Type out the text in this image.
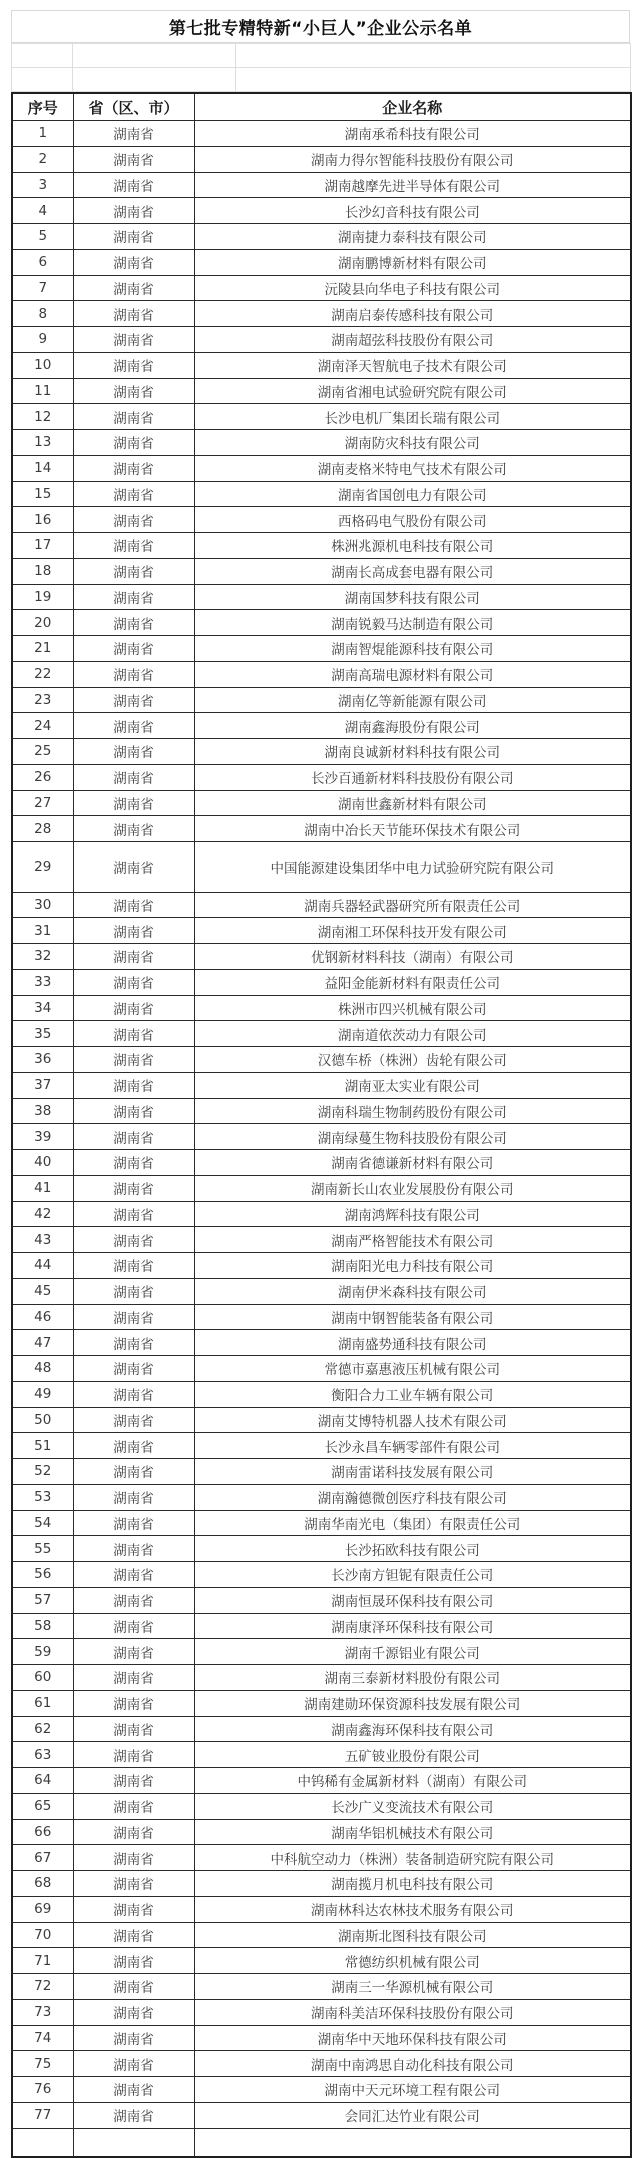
第七批专精特新“小巨人”企业公示名单

序号	省（区、市）	企业名称
1	湖南省	湖南承希科技有限公司
2	湖南省	湖南力得尔智能科技股份有限公司
3	湖南省	湖南越摩先进半导体有限公司
4	湖南省	长沙幻音科技有限公司
5	湖南省	湖南捷力泰科技有限公司
6	湖南省	湖南鹏博新材料有限公司
7	湖南省	沅陵县向华电子科技有限公司
8	湖南省	湖南启泰传感科技有限公司
9	湖南省	湖南超弦科技股份有限公司
10	湖南省	湖南泽天智航电子技术有限公司
11	湖南省	湖南省湘电试验研究院有限公司
12	湖南省	长沙电机厂集团长瑞有限公司
13	湖南省	湖南防灾科技有限公司
14	湖南省	湖南麦格米特电气技术有限公司
15	湖南省	湖南省国创电力有限公司
16	湖南省	西格码电气股份有限公司
17	湖南省	株洲兆源机电科技有限公司
18	湖南省	湖南长高成套电器有限公司
19	湖南省	湖南国梦科技有限公司
20	湖南省	湖南锐毅马达制造有限公司
21	湖南省	湖南智焜能源科技有限公司
22	湖南省	湖南高瑞电源材料有限公司
23	湖南省	湖南亿等新能源有限公司
24	湖南省	湖南鑫海股份有限公司
25	湖南省	湖南良诚新材料科技有限公司
26	湖南省	长沙百通新材料科技股份有限公司
27	湖南省	湖南世鑫新材料有限公司
28	湖南省	湖南中冶长天节能环保技术有限公司
29	湖南省	中国能源建设集团华中电力试验研究院有限公司
30	湖南省	湖南兵器轻武器研究所有限责任公司
31	湖南省	湖南湘工环保科技开发有限公司
32	湖南省	优钢新材料科技（湖南）有限公司
33	湖南省	益阳金能新材料有限责任公司
34	湖南省	株洲市四兴机械有限公司
35	湖南省	湖南道依茨动力有限公司
36	湖南省	汉德车桥（株洲）齿轮有限公司
37	湖南省	湖南亚太实业有限公司
38	湖南省	湖南科瑞生物制药股份有限公司
39	湖南省	湖南绿蔓生物科技股份有限公司
40	湖南省	湖南省德谦新材料有限公司
41	湖南省	湖南新长山农业发展股份有限公司
42	湖南省	湖南鸿辉科技有限公司
43	湖南省	湖南严格智能技术有限公司
44	湖南省	湖南阳光电力科技有限公司
45	湖南省	湖南伊米森科技有限公司
46	湖南省	湖南中钢智能装备有限公司
47	湖南省	湖南盛势通科技有限公司
48	湖南省	常德市嘉惠液压机械有限公司
49	湖南省	衡阳合力工业车辆有限公司
50	湖南省	湖南艾博特机器人技术有限公司
51	湖南省	长沙永昌车辆零部件有限公司
52	湖南省	湖南雷诺科技发展有限公司
53	湖南省	湖南瀚德微创医疗科技有限公司
54	湖南省	湖南华南光电（集团）有限责任公司
55	湖南省	长沙拓欧科技有限公司
56	湖南省	长沙南方钽铌有限责任公司
57	湖南省	湖南恒晟环保科技有限公司
58	湖南省	湖南康泽环保科技有限公司
59	湖南省	湖南千源铝业有限公司
60	湖南省	湖南三泰新材料股份有限公司
61	湖南省	湖南建勋环保资源科技发展有限公司
62	湖南省	湖南鑫海环保科技有限公司
63	湖南省	五矿铍业股份有限公司
64	湖南省	中钨稀有金属新材料（湖南）有限公司
65	湖南省	长沙广义变流技术有限公司
66	湖南省	湖南华铝机械技术有限公司
67	湖南省	中科航空动力（株洲）装备制造研究院有限公司
68	湖南省	湖南揽月机电科技有限公司
69	湖南省	湖南林科达农林技术服务有限公司
70	湖南省	湖南斯北图科技有限公司
71	湖南省	常德纺织机械有限公司
72	湖南省	湖南三一华源机械有限公司
73	湖南省	湖南科美洁环保科技股份有限公司
74	湖南省	湖南华中天地环保科技有限公司
75	湖南省	湖南中南鸿思自动化科技有限公司
76	湖南省	湖南中天元环境工程有限公司
77	湖南省	会同汇达竹业有限公司
